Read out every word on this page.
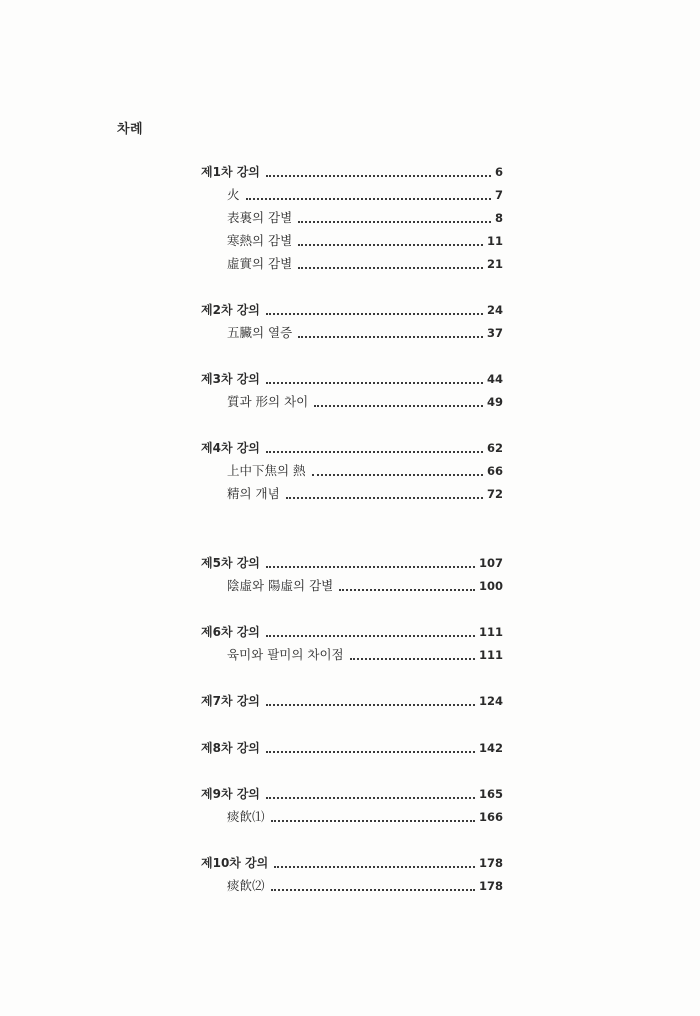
차례
제1차 강의	6
火	7
表裏의 감별	8
寒熱의 감별	11
虛實의 감별	21
제2차 강의	24
五臟의 열증	37
제3차 강의	44
質과 形의 차이	49
제4차 강의	62
上中下焦의 熱	66
精의 개념	72
제5차 강의	107
陰虛와 陽虛의 감별	100
제6차 강의	111
육미와 팔미의 차이점	111
제7차 강의	124
제8차 강의	142
제9차 강의	165
痰飮⑴	166
제10차 강의	178
痰飮⑵	178
